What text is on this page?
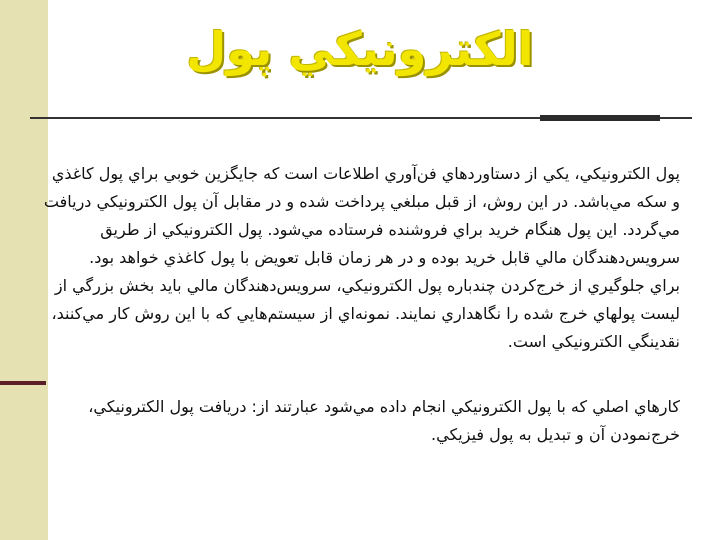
الكترونيكي پول

پول الكترونيكي، يكي از دستاوردهاي فن‌آوري اطلاعات است كه جايگزين خوبي براي پول كاغذي و سكه مي‌باشد. در اين روش، از قبل مبلغي پرداخت شده و در مقابل آن پول الكترونيكي دريافت مي‌گردد. اين پول هنگام خريد براي فروشنده فرستاده مي‌شود. پول الكترونيكي از طريق سرويس‌دهندگان مالي قابل خريد بوده و در هر زمان قابل تعويض با پول كاغذي خواهد بود.

براي جلوگيري از خرج‌كردن چندباره پول الكترونيكي، سرويس‌دهندگان مالي بايد بخش بزرگي از ليست پولهاي خرج شده را نگاهداري نمايند. نمونه‌اي از سيستم‌هايي كه با اين روش كار مي‌كنند، نقدينگي الكترونيكي است.

كارهاي اصلي كه با پول الكترونيكي انجام داده مي‌شود عبارتند از: دريافت پول الكترونيكي، خرج‌نمودن آن و تبديل به پول فيزيكي.
